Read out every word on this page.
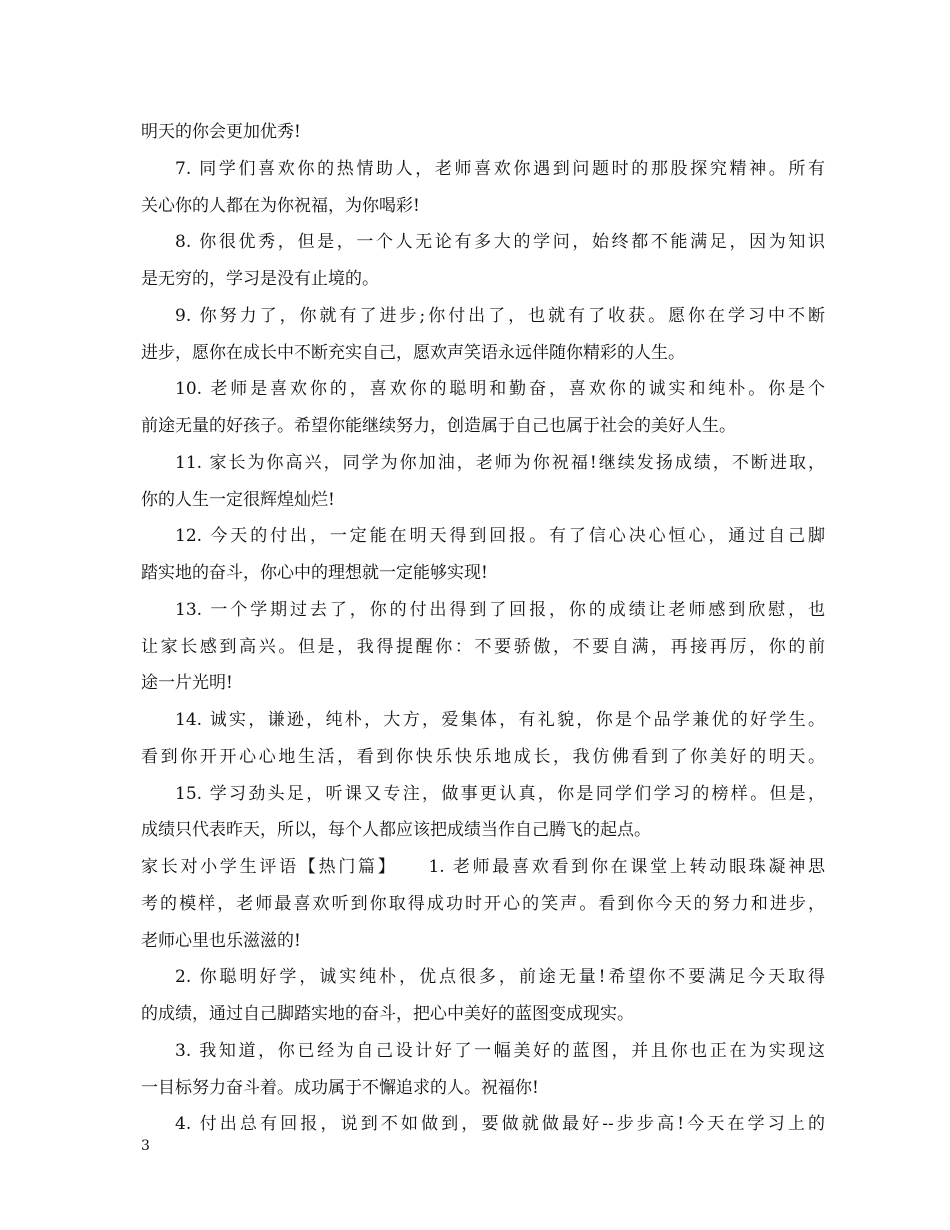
明天的你会更加优秀!
7. 同学们喜欢你的热情助人，老师喜欢你遇到问题时的那股探究精神。所有
关心你的人都在为你祝福，为你喝彩!
8. 你很优秀，但是，一个人无论有多大的学问，始终都不能满足，因为知识
是无穷的，学习是没有止境的。
9. 你努力了，你就有了进步;你付出了，也就有了收获。愿你在学习中不断
进步，愿你在成长中不断充实自己，愿欢声笑语永远伴随你精彩的人生。
10. 老师是喜欢你的，喜欢你的聪明和勤奋，喜欢你的诚实和纯朴。你是个
前途无量的好孩子。希望你能继续努力，创造属于自己也属于社会的美好人生。
11. 家长为你高兴，同学为你加油，老师为你祝福!继续发扬成绩，不断进取，
你的人生一定很辉煌灿烂!
12. 今天的付出，一定能在明天得到回报。有了信心决心恒心，通过自己脚
踏实地的奋斗，你心中的理想就一定能够实现!
13. 一个学期过去了，你的付出得到了回报，你的成绩让老师感到欣慰，也
让家长感到高兴。但是，我得提醒你：不要骄傲，不要自满，再接再厉，你的前
途一片光明!
14. 诚实，谦逊，纯朴，大方，爱集体，有礼貌，你是个品学兼优的好学生。
看到你开开心心地生活，看到你快乐快乐地成长，我仿佛看到了你美好的明天。
15. 学习劲头足，听课又专注，做事更认真，你是同学们学习的榜样。但是，
成绩只代表昨天，所以，每个人都应该把成绩当作自己腾飞的起点。
家长对小学生评语【热门篇】　　1. 老师最喜欢看到你在课堂上转动眼珠凝神思
考的模样，老师最喜欢听到你取得成功时开心的笑声。看到你今天的努力和进步，
老师心里也乐滋滋的!
2. 你聪明好学，诚实纯朴，优点很多，前途无量!希望你不要满足今天取得
的成绩，通过自己脚踏实地的奋斗，把心中美好的蓝图变成现实。
3. 我知道，你已经为自己设计好了一幅美好的蓝图，并且你也正在为实现这
一目标努力奋斗着。成功属于不懈追求的人。祝福你!
4. 付出总有回报，说到不如做到，要做就做最好--步步高!今天在学习上的
3
